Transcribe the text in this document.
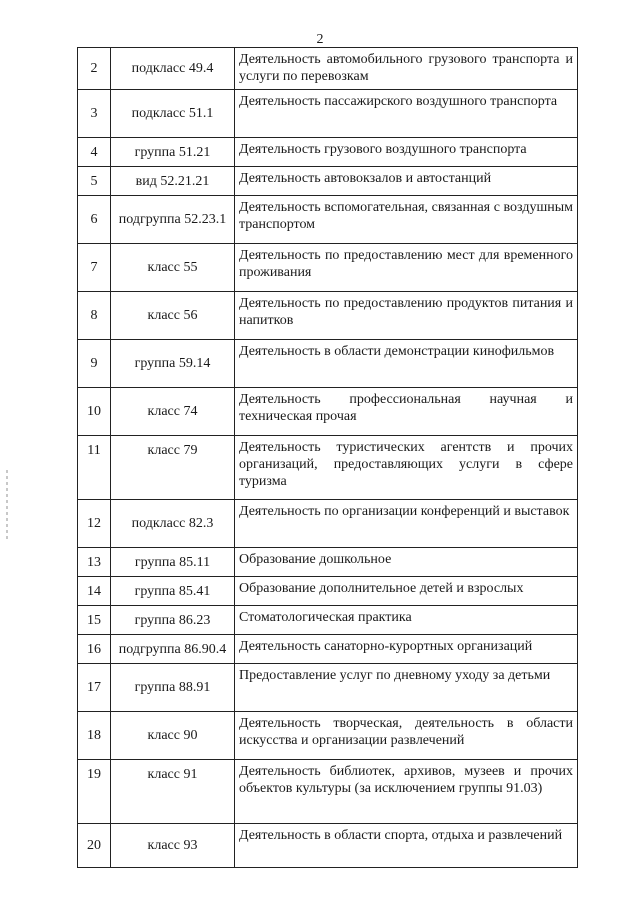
2
2	подкласс 49.4	Деятельность автомобильного грузового транспорта и услуги по перевозкам
3	подкласс 51.1	Деятельность пассажирского воздушного транспорта
4	группа 51.21	Деятельность грузового воздушного транспорта
5	вид 52.21.21	Деятельность автовокзалов и автостанций
6	подгруппа 52.23.1	Деятельность вспомогательная, связанная с воздушным транспортом
7	класс 55	Деятельность по предоставлению мест для временного проживания
8	класс 56	Деятельность по предоставлению продуктов питания и напитков
9	группа 59.14	Деятельность в области демонстрации кинофильмов
10	класс 74	Деятельность профессиональная научная и техническая прочая
11	класс 79	Деятельность туристических агентств и прочих организаций, предоставляющих услуги в сфере туризма
12	подкласс 82.3	Деятельность по организации конференций и выставок
13	группа 85.11	Образование дошкольное
14	группа 85.41	Образование дополнительное детей и взрослых
15	группа 86.23	Стоматологическая практика
16	подгруппа 86.90.4	Деятельность санаторно-курортных организаций
17	группа 88.91	Предоставление услуг по дневному уходу за детьми
18	класс 90	Деятельность творческая, деятельность в области искусства и организации развлечений
19	класс 91	Деятельность библиотек, архивов, музеев и прочих объектов культуры (за исключением группы 91.03)
20	класс 93	Деятельность в области спорта, отдыха и развлечений
